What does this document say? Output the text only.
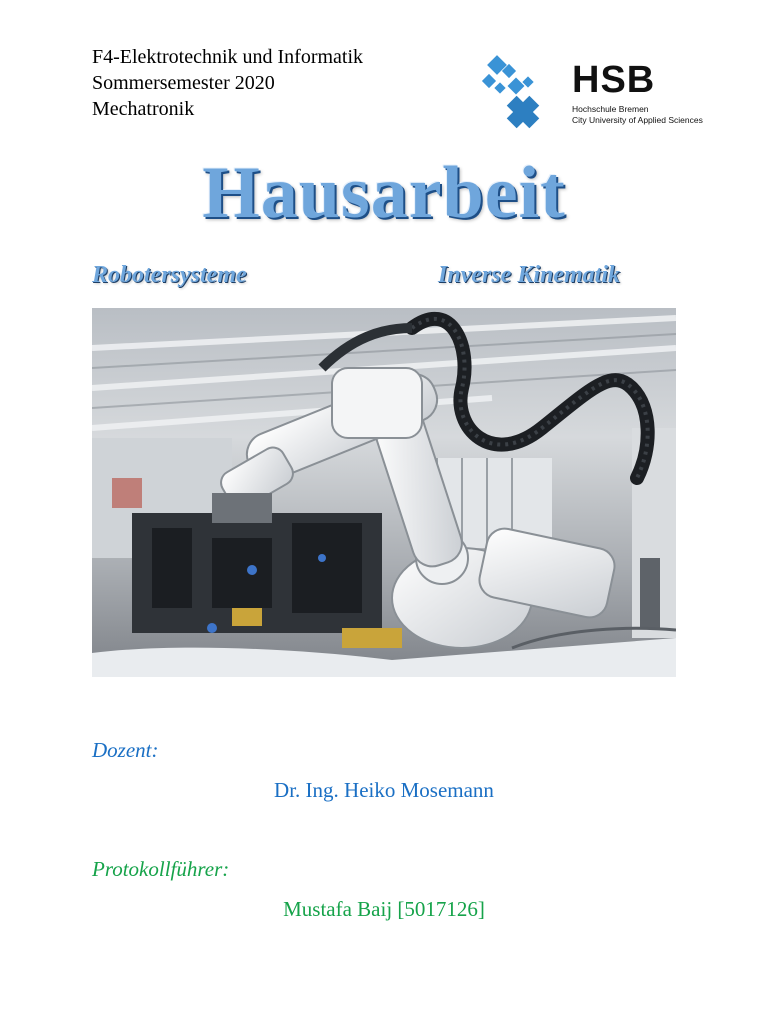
F4-Elektrotechnik und Informatik
Sommersemester 2020
Mechatronik
HSB
Hochschule Bremen
City University of Applied Sciences
Hausarbeit
Robotersysteme	Inverse Kinematik
Dozent:
Dr. Ing. Heiko Mosemann
Protokollführer:
Mustafa Baij [5017126]
